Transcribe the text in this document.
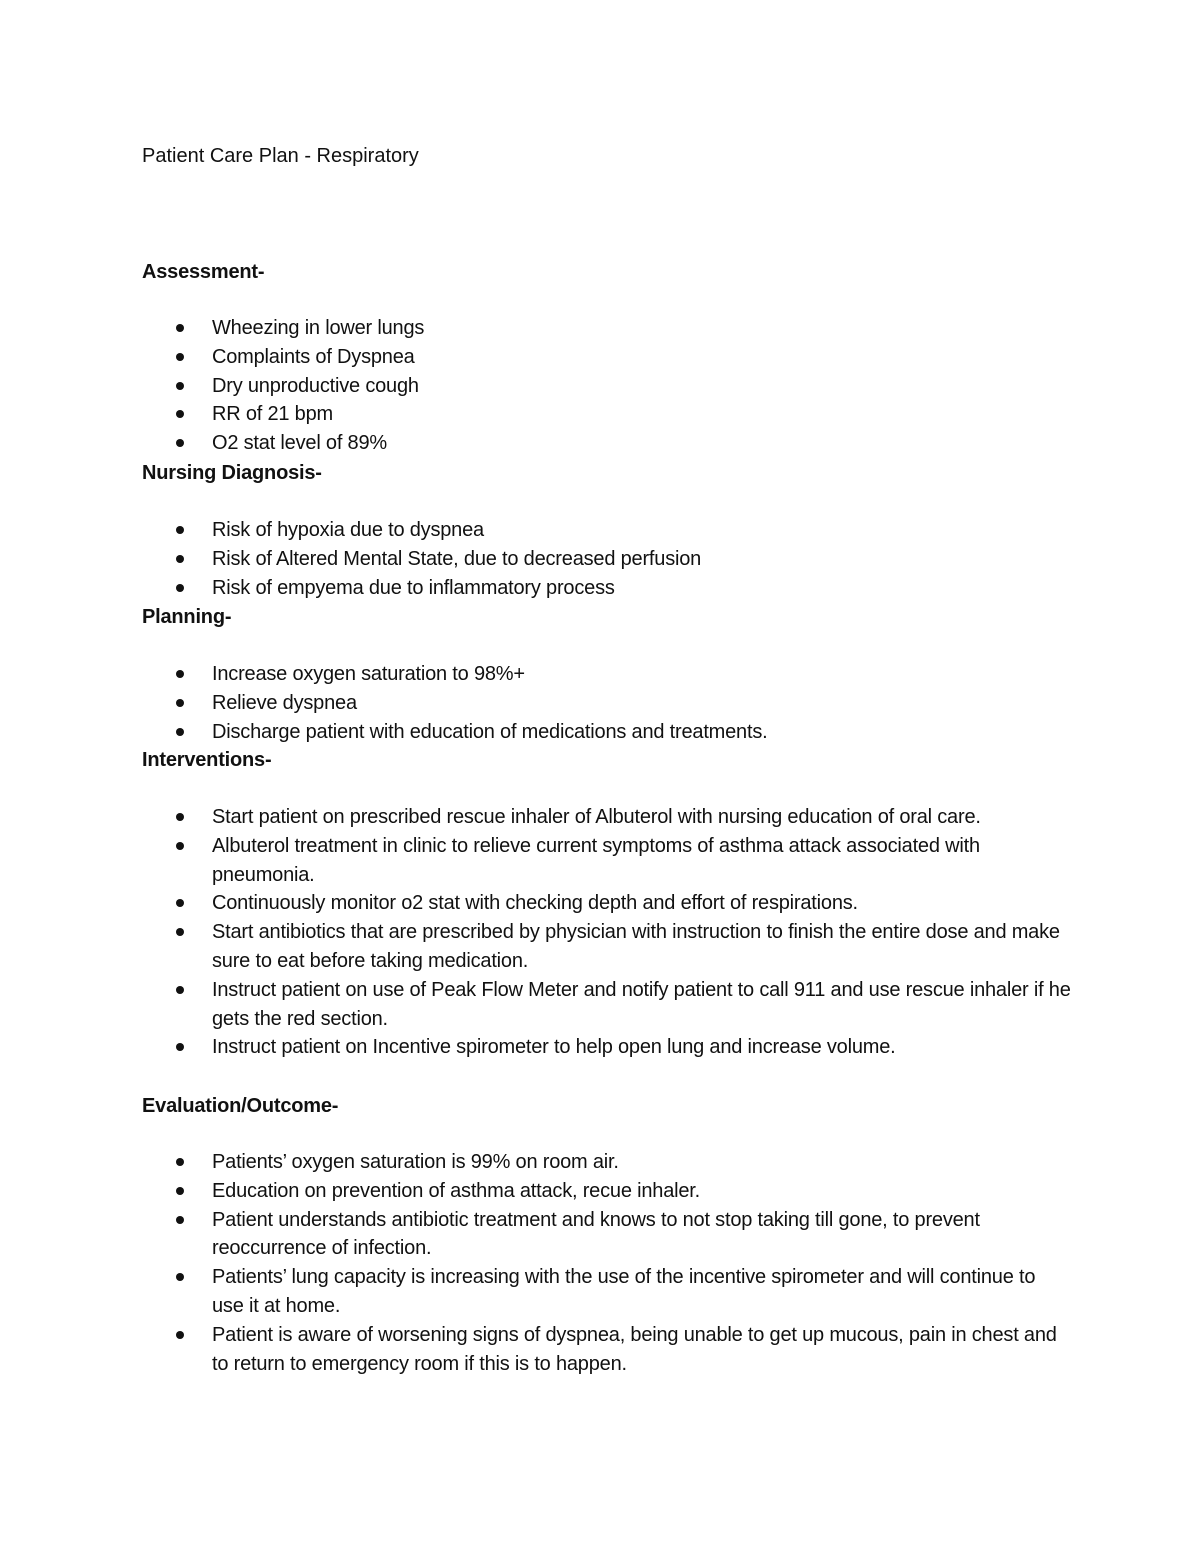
Patient Care Plan - Respiratory
Assessment-
Wheezing in lower lungs
Complaints of Dyspnea
Dry unproductive cough
RR of 21 bpm
O2 stat level of 89%
Nursing Diagnosis-
Risk of hypoxia due to dyspnea
Risk of Altered Mental State, due to decreased perfusion
Risk of empyema due to inflammatory process
Planning-
Increase oxygen saturation to 98%+
Relieve dyspnea
Discharge patient with education of medications and treatments.
Interventions-
Start patient on prescribed rescue inhaler of Albuterol with nursing education of oral care.
Albuterol treatment in clinic to relieve current symptoms of asthma attack associated with pneumonia.
Continuously monitor o2 stat with checking depth and effort of respirations.
Start antibiotics that are prescribed by physician with instruction to finish the entire dose and make sure to eat before taking medication.
Instruct patient on use of Peak Flow Meter and notify patient to call 911 and use rescue inhaler if he gets the red section.
Instruct patient on Incentive spirometer to help open lung and increase volume.
Evaluation/Outcome-
Patients’ oxygen saturation is 99% on room air.
Education on prevention of asthma attack, recue inhaler.
Patient understands antibiotic treatment and knows to not stop taking till gone, to prevent reoccurrence of infection.
Patients’ lung capacity is increasing with the use of the incentive spirometer and will continue to use it at home.
Patient is aware of worsening signs of dyspnea, being unable to get up mucous, pain in chest and to return to emergency room if this is to happen.
